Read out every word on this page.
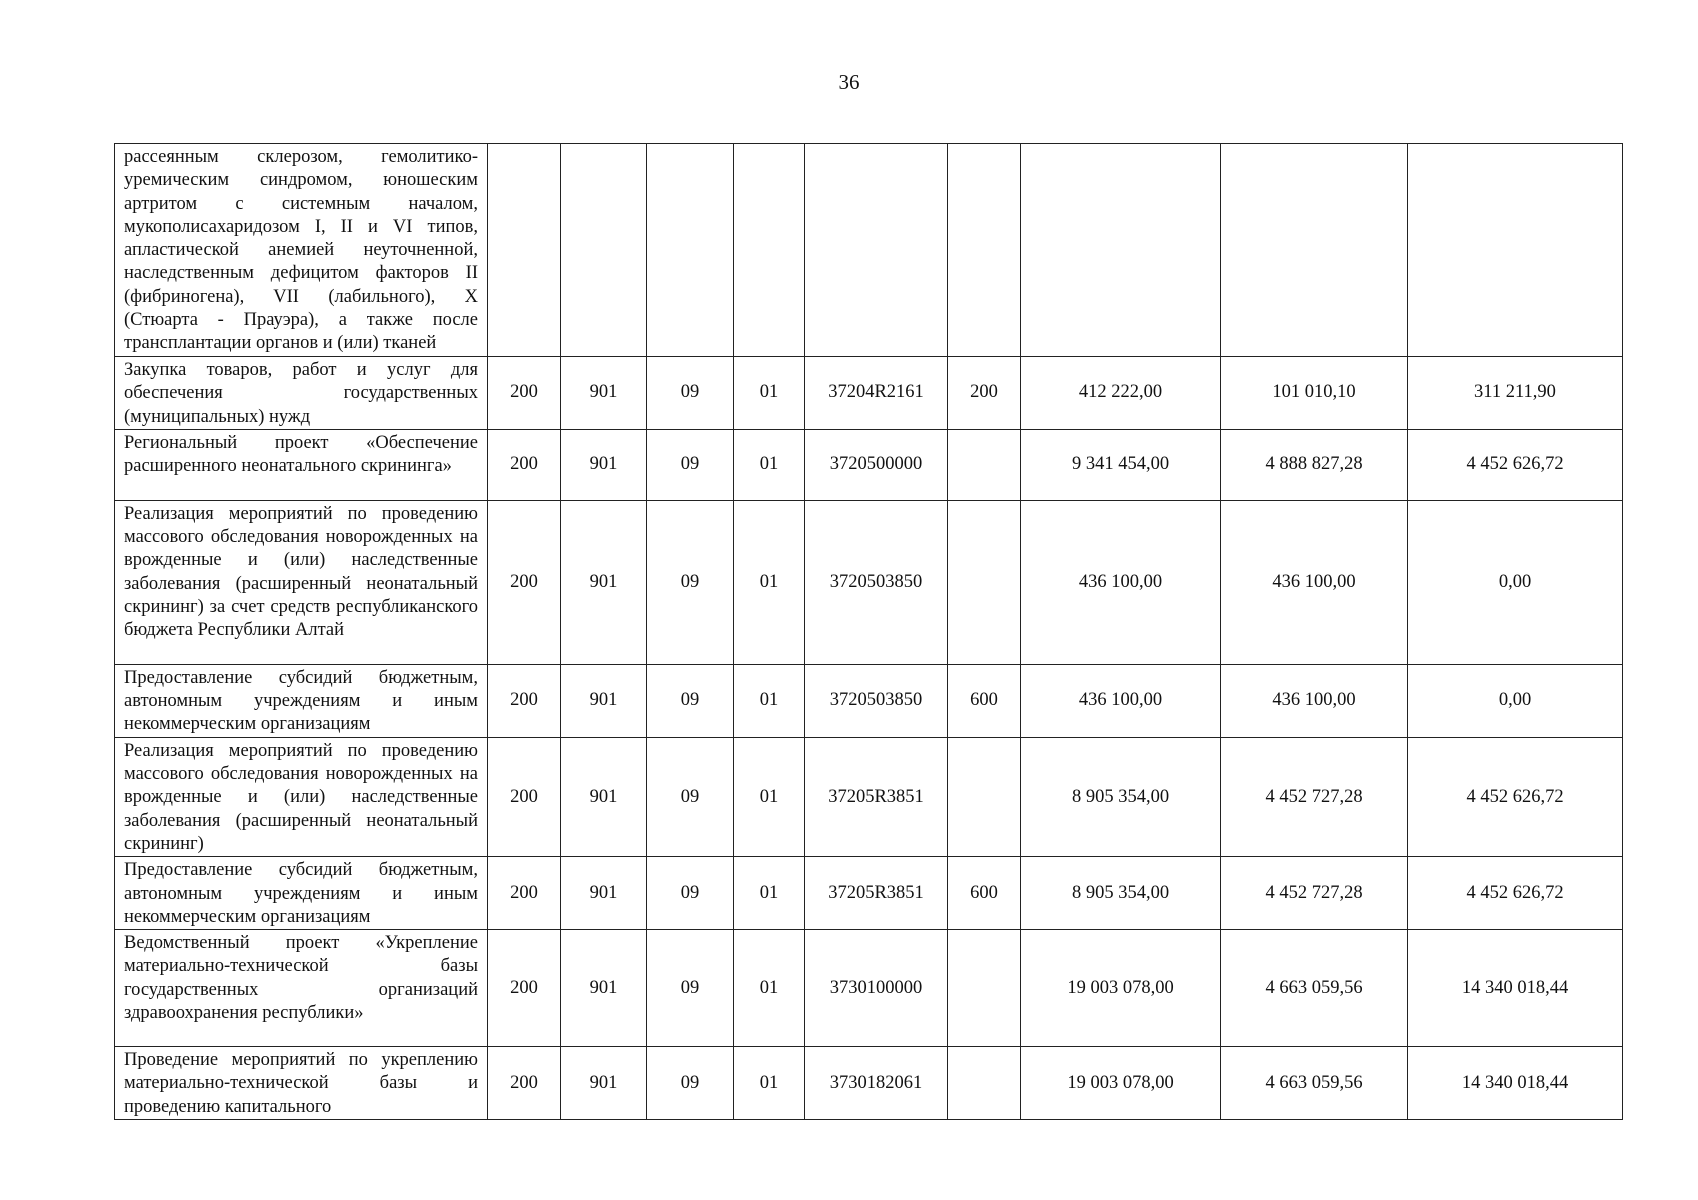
36
рассеянным склерозом, гемолитико-уремическим синдромом, юношеским артритом с системным началом, мукополисахаридозом I, II и VI типов, апластической анемией неуточненной, наследственным дефицитом факторов II (фибриногена), VII (лабильного), X (Стюарта - Прауэра), а также после трансплантации органов и (или) тканей									
Закупка товаров, работ и услуг для обеспечения государственных (муниципальных) нужд	200	901	09	01	37204R2161	200	412 222,00	101 010,10	311 211,90
Региональный проект «Обеспечение расширенного неонатального скрининга»	200	901	09	01	3720500000		9 341 454,00	4 888 827,28	4 452 626,72
Реализация мероприятий по проведению массового обследования новорожденных на врожденные и (или) наследственные заболевания (расширенный неонатальный скрининг) за счет средств республиканского бюджета Республики Алтай	200	901	09	01	3720503850		436 100,00	436 100,00	0,00
Предоставление субсидий бюджетным, автономным учреждениям и иным некоммерческим организациям	200	901	09	01	3720503850	600	436 100,00	436 100,00	0,00
Реализация мероприятий по проведению массового обследования новорожденных на врожденные и (или) наследственные заболевания (расширенный неонатальный скрининг)	200	901	09	01	37205R3851		8 905 354,00	4 452 727,28	4 452 626,72
Предоставление субсидий бюджетным, автономным учреждениям и иным некоммерческим организациям	200	901	09	01	37205R3851	600	8 905 354,00	4 452 727,28	4 452 626,72
Ведомственный проект «Укрепление материально-технической базы государственных организаций здравоохранения республики»	200	901	09	01	3730100000		19 003 078,00	4 663 059,56	14 340 018,44
Проведение мероприятий по укреплению материально-технической базы и проведению капитального	200	901	09	01	3730182061		19 003 078,00	4 663 059,56	14 340 018,44
